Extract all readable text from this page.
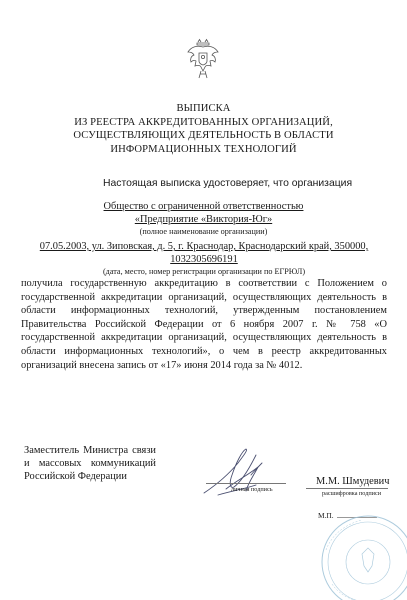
ВЫПИСКА
ИЗ РЕЕСТРА АККРЕДИТОВАННЫХ ОРГАНИЗАЦИЙ,
ОСУЩЕСТВЛЯЮЩИХ ДЕЯТЕЛЬНОСТЬ В ОБЛАСТИ
ИНФОРМАЦИОННЫХ ТЕХНОЛОГИЙ
Настоящая выписка удостоверяет, что организация
Общество с ограниченной ответственностью
«Предприятие «Виктория-Юг»
(полное наименование организации)
07.05.2003, ул. Зиповская, д. 5, г. Краснодар, Краснодарский край, 350000,
1032305696191
(дата, место, номер регистрации организации по ЕГРЮЛ)
получила государственную аккредитацию в соответствии с Положением о государственной аккредитации организаций, осуществляющих деятельность в области информационных технологий, утвержденным постановлением Правительства Российской Федерации от 6 ноября 2007 г. № 758 «О государственной аккредитации организаций, осуществляющих деятельность в области информационных технологий», о чем в реестр аккредитованных организаций внесена запись от «17» июня 2014 года за № 4012.
Заместитель Министра связи и массовых коммуникаций Российской Федерации
личная подпись
М.М. Шмудевич
расшифровка подписи
М.П.
